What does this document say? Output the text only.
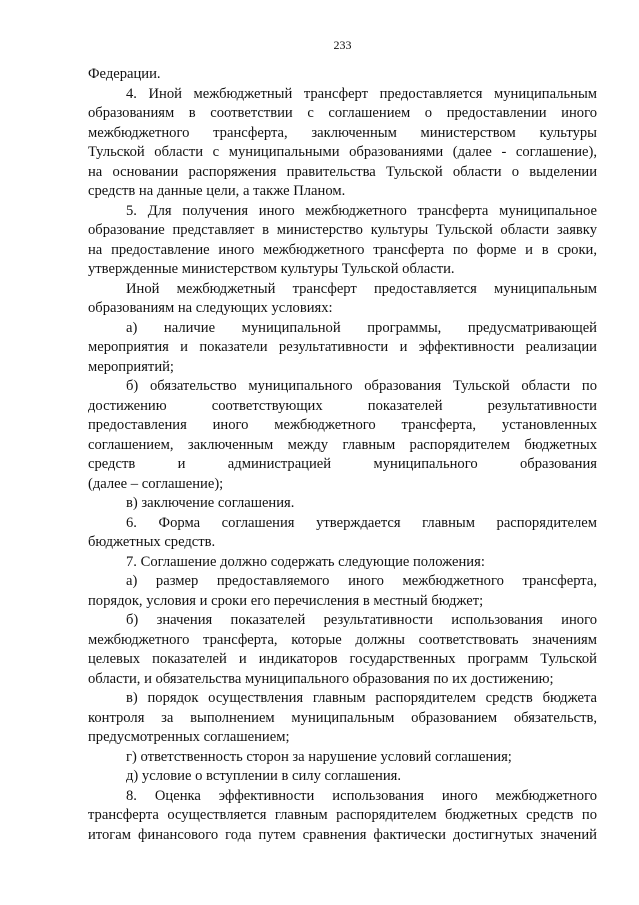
233
Федерации.
4. Иной межбюджетный трансферт предоставляется муниципальным
образованиям в соответствии с соглашением о предоставлении иного
межбюджетного трансферта, заключенным министерством культуры
Тульской области с муниципальными образованиями (далее - соглашение),
на основании распоряжения правительства Тульской области о выделении
средств на данные цели, а также Планом.
5. Для получения иного межбюджетного трансферта муниципальное
образование представляет в министерство культуры Тульской области заявку
на предоставление иного межбюджетного трансферта по форме и в сроки,
утвержденные министерством культуры Тульской области.
Иной межбюджетный трансферт предоставляется муниципальным
образованиям на следующих условиях:
а) наличие муниципальной программы, предусматривающей
мероприятия и показатели результативности и эффективности реализации
мероприятий;
б) обязательство муниципального образования Тульской области по
достижению соответствующих показателей результативности
предоставления иного межбюджетного трансферта, установленных
соглашением, заключенным между главным распорядителем бюджетных
средств и администрацией муниципального образования
(далее – соглашение);
в) заключение соглашения.
6. Форма соглашения утверждается главным распорядителем
бюджетных средств.
7. Соглашение должно содержать следующие положения:
а) размер предоставляемого иного межбюджетного трансферта,
порядок, условия и сроки его перечисления в местный бюджет;
б) значения показателей результативности использования иного
межбюджетного трансферта, которые должны соответствовать значениям
целевых показателей и индикаторов государственных программ Тульской
области, и обязательства муниципального образования по их достижению;
в) порядок осуществления главным распорядителем средств бюджета
контроля за выполнением муниципальным образованием обязательств,
предусмотренных соглашением;
г) ответственность сторон за нарушение условий соглашения;
д) условие о вступлении в силу соглашения.
8. Оценка эффективности использования иного межбюджетного
трансферта осуществляется главным распорядителем бюджетных средств по
итогам финансового года путем сравнения фактически достигнутых значений
